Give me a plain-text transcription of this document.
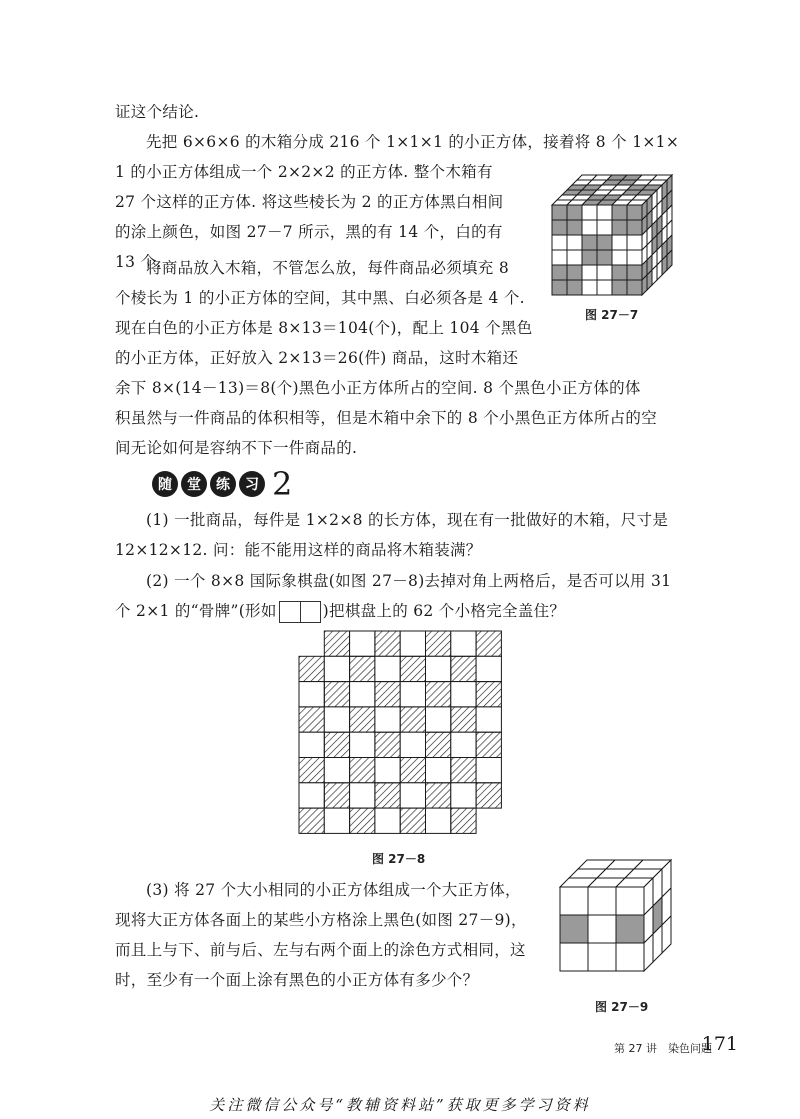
证这个结论.
先把 6×6×6 的木箱分成 216 个 1×1×1 的小正方体，接着将 8 个 1×1×
1 的小正方体组成一个 2×2×2 的正方体. 整个木箱有
27 个这样的正方体. 将这些棱长为 2 的正方体黑白相间
的涂上颜色，如图 27－7 所示，黑的有 14 个，白的有
13 个.
将商品放入木箱，不管怎么放，每件商品必须填充 8
个棱长为 1 的小正方体的空间，其中黑、白必须各是 4 个.
现在白色的小正方体是 8×13＝104(个)，配上 104 个黑色
的小正方体，正好放入 2×13＝26(件) 商品，这时木箱还
余下 8×(14－13)＝8(个)黑色小正方体所占的空间. 8 个黑色小正方体的体
积虽然与一件商品的体积相等，但是木箱中余下的 8 个小黑色正方体所占的空
间无论如何是容纳不下一件商品的.
图 27－7
随	堂	练	习 2
(1) 一批商品，每件是 1×2×8 的长方体，现在有一批做好的木箱，尺寸是
12×12×12. 问：能不能用这样的商品将木箱装满？
(2) 一个 8×8 国际象棋盘(如图 27－8)去掉对角上两格后，是否可以用 31
个 2×1 的“骨牌”(形如	)把棋盘上的 62 个小格完全盖住？
图 27－8
(3) 将 27 个大小相同的小正方体组成一个大正方体，
现将大正方体各面上的某些小方格涂上黑色(如图 27－9)，
而且上与下、前与后、左与右两个面上的涂色方式相同，这
时，至少有一个面上涂有黑色的小正方体有多少个？
图 27－9
第 27 讲　染色问题
171
关注微信公众号“教辅资料站”获取更多学习资料
